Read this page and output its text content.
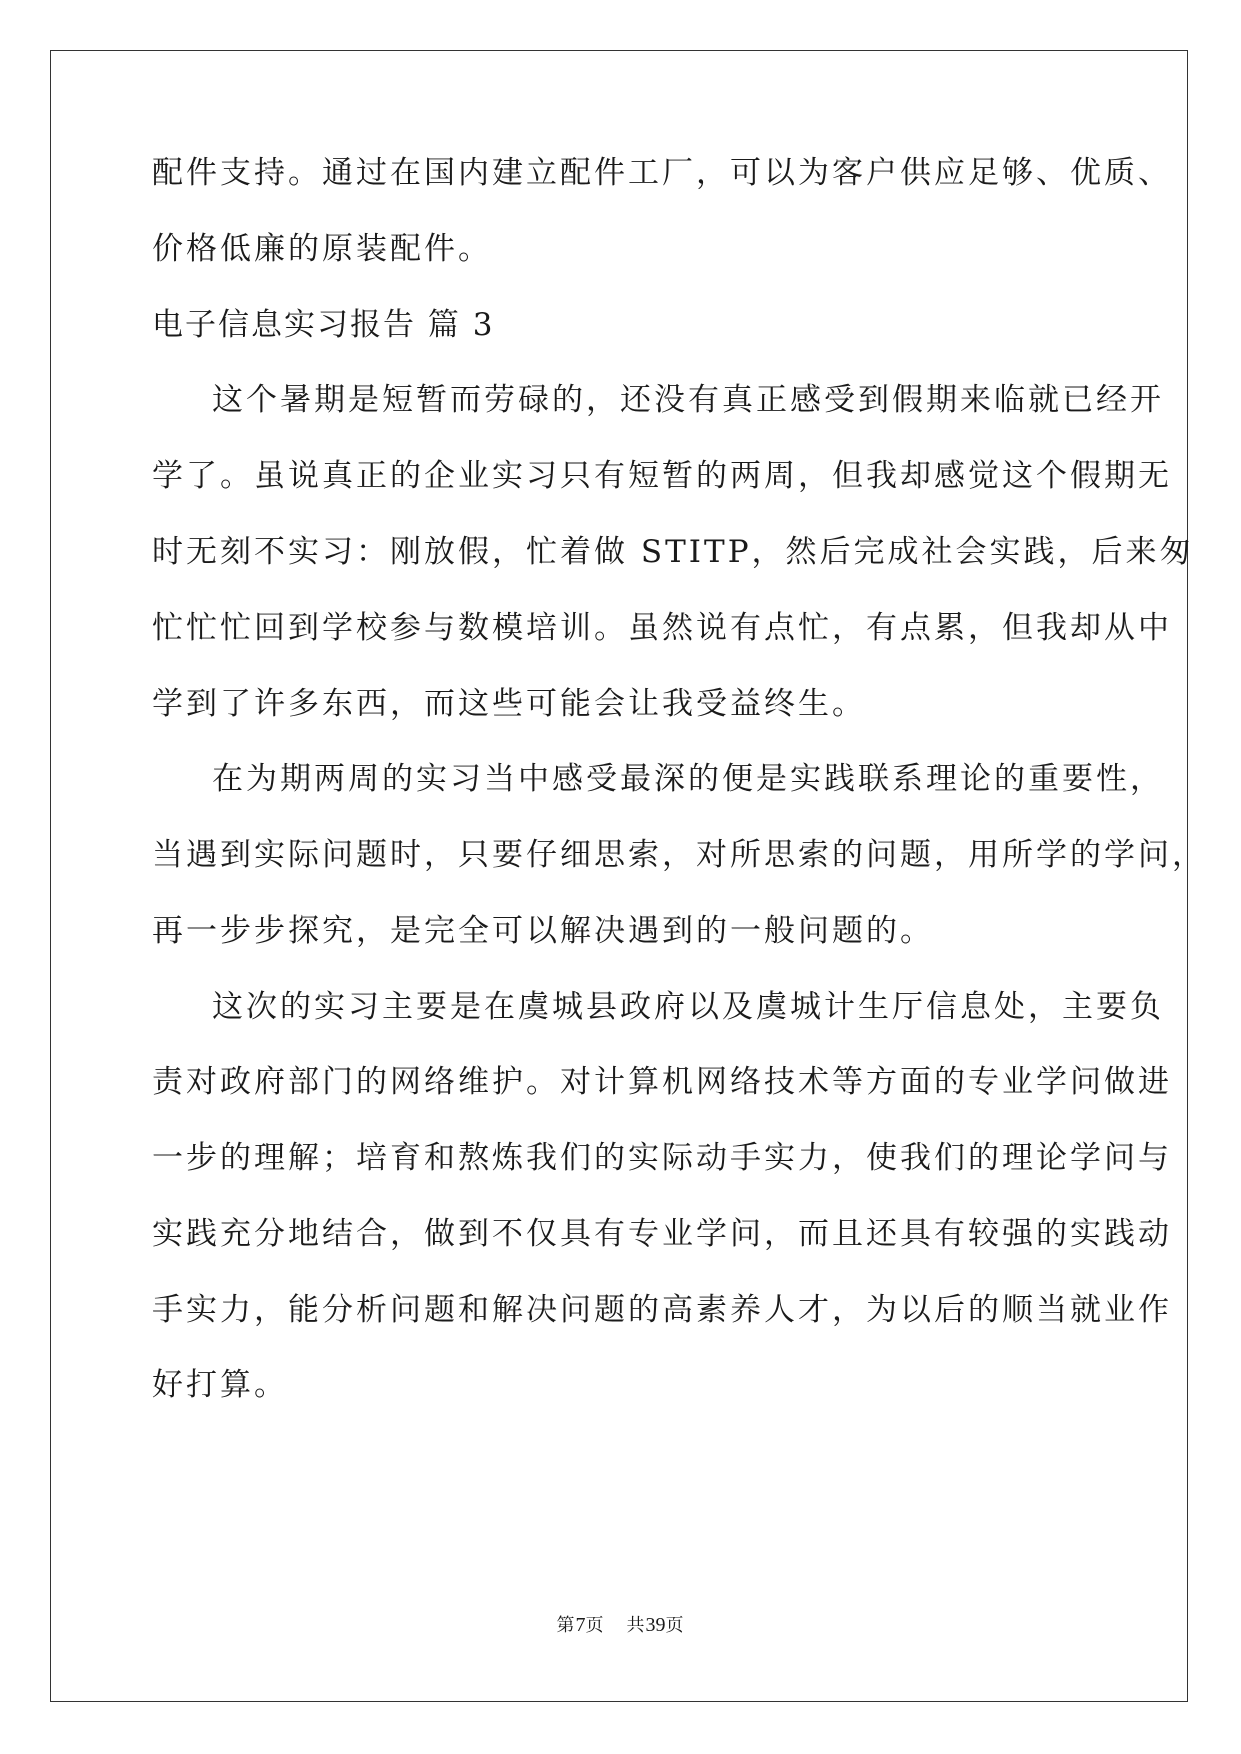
配件支持。通过在国内建立配件工厂，可以为客户供应足够、优质、
价格低廉的原装配件。
电子信息实习报告 篇 3
这个暑期是短暂而劳碌的，还没有真正感受到假期来临就已经开
学了。虽说真正的企业实习只有短暂的两周，但我却感觉这个假期无
时无刻不实习：刚放假，忙着做 STITP，然后完成社会实践，后来匆
忙忙忙回到学校参与数模培训。虽然说有点忙，有点累，但我却从中
学到了许多东西，而这些可能会让我受益终生。
在为期两周的实习当中感受最深的便是实践联系理论的重要性，
当遇到实际问题时，只要仔细思索，对所思索的问题，用所学的学问，
再一步步探究，是完全可以解决遇到的一般问题的。
这次的实习主要是在虞城县政府以及虞城计生厅信息处，主要负
责对政府部门的网络维护。对计算机网络技术等方面的专业学问做进
一步的理解；培育和熬炼我们的实际动手实力，使我们的理论学问与
实践充分地结合，做到不仅具有专业学问，而且还具有较强的实践动
手实力，能分析问题和解决问题的高素养人才，为以后的顺当就业作
好打算。
第7页 共39页
